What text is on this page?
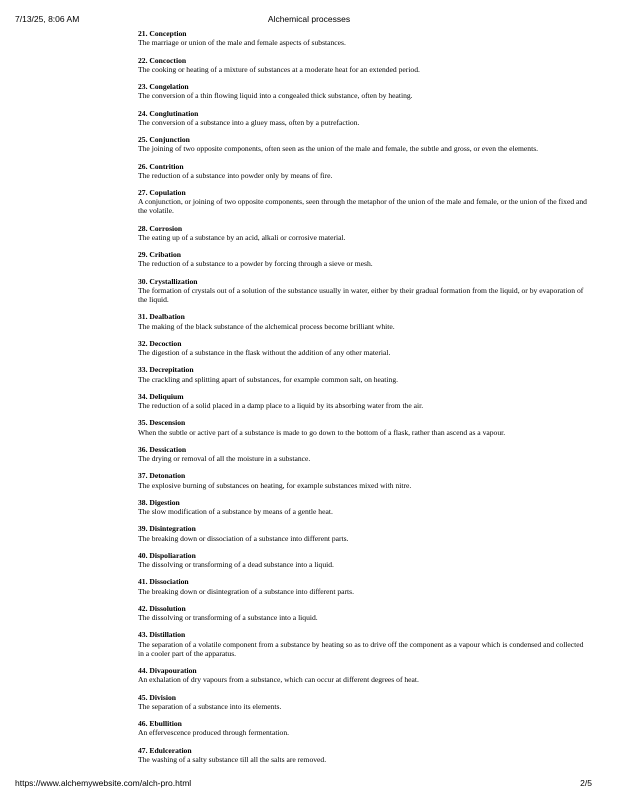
7/13/25, 8:06 AM	Alchemical processes
21. Conception
The marriage or union of the male and female aspects of substances.
22. Concoction
The cooking or heating of a mixture of substances at a moderate heat for an extended period.
23. Congelation
The conversion of a thin flowing liquid into a congealed thick substance, often by heating.
24. Conglutination
The conversion of a substance into a gluey mass, often by a putrefaction.
25. Conjunction
The joining of two opposite components, often seen as the union of the male and female, the subtle and gross, or even the elements.
26. Contrition
The reduction of a substance into powder only by means of fire.
27. Copulation
A conjunction, or joining of two opposite components, seen through the metaphor of the union of the male and female, or the union of the fixed and the volatile.
28. Corrosion
The eating up of a substance by an acid, alkali or corrosive material.
29. Cribation
The reduction of a substance to a powder by forcing through a sieve or mesh.
30. Crystallization
The formation of crystals out of a solution of the substance usually in water, either by their gradual formation from the liquid, or by evaporation of the liquid.
31. Dealbation
The making of the black substance of the alchemical process become brilliant white.
32. Decoction
The digestion of a substance in the flask without the addition of any other material.
33. Decrepitation
The crackling and splitting apart of substances, for example common salt, on heating.
34. Deliquium
The reduction of a solid placed in a damp place to a liquid by its absorbing water from the air.
35. Descension
When the subtle or active part of a substance is made to go down to the bottom of a flask, rather than ascend as a vapour.
36. Dessication
The drying or removal of all the moisture in a substance.
37. Detonation
The explosive burning of substances on heating, for example substances mixed with nitre.
38. Digestion
The slow modification of a substance by means of a gentle heat.
39. Disintegration
The breaking down or dissociation of a substance into different parts.
40. Dispoliaration
The dissolving or transforming of a dead substance into a liquid.
41. Dissociation
The breaking down or disintegration of a substance into different parts.
42. Dissolution
The dissolving or transforming of a substance into a liquid.
43. Distillation
The separation of a volatile component from a substance by heating so as to drive off the component as a vapour which is condensed and collected in a cooler part of the apparatus.
44. Divapouration
An exhalation of dry vapours from a substance, which can occur at different degrees of heat.
45. Division
The separation of a substance into its elements.
46. Ebullition
An effervescence produced through fermentation.
47. Edulceration
The washing of a salty substance till all the salts are removed.
https://www.alchemywebsite.com/alch-pro.html	2/5
